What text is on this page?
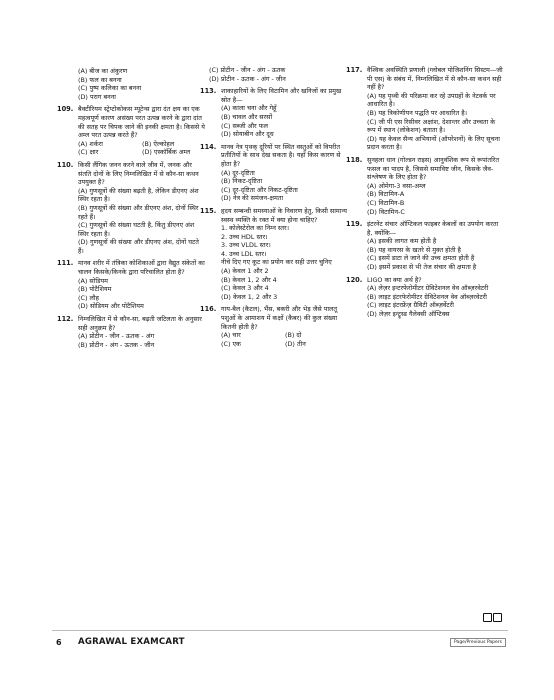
(A) बीज का अंकुरण
(B) फल का बनना
(C) पुष्प कलिका का बनना
(D) पराग बनना
109. बैक्टीरियम स्ट्रेप्टोकोकस म्यूटेन्स द्वारा दंत क्षय का एक महत्वपूर्ण कारण असंख्य परत उत्पन्न करने के द्वारा दांत की सतह पर चिपक जाने की इनकी क्षमता है। किससे ये अम्ल परत उत्पन्न करते हैं?
(A) शर्करा	(B) ऐल्कोहल
(C) क्षार	(D) एस्कॉर्बिक अम्ल
110. किसी लैंगिक जनन करने वाले जीव में, जनक और संतति दोनों के लिए निम्नलिखित में से कौन-सा कथन उपयुक्त है?
(A) गुणसूत्रों की संख्या बढ़ती है, लेकिन डीएनए अंश स्थिर रहता है।
(B) गुणसूत्रों की संख्या और डीएनए अंश, दोनों स्थिर रहते हैं।
(C) गुणसूत्रों की संख्या घटती है, किंतु डीएनए अंश स्थिर रहता है।
(D) गुणसूत्रों की संख्या और डीएनए अंश, दोनों घटते हैं।
111. मानव शरीर में तंत्रिका कोशिकाओं द्वारा वैद्युत संकेतों का चालन किसके/किनके द्वारा परिचालित होता है?
(A) सोडियम
(B) पोटैशियम
(C) लौह
(D) सोडियम और पोटैशियम
112. निम्नलिखित में से कौन-सा, बढ़ती जटिलता के अनुसार सही अनुक्रम है?
(A) प्रोटीन - जीन - ऊतक - अंग
(B) प्रोटीन - अंग - ऊतक - जीन
(C) प्रोटीन - जीन - अंग - ऊतक
(D) प्रोटीन - ऊतक - अंग - जीन
113. शाकाहारियों के लिए विटामिन और खनिजों का प्रमुख स्रोत है—
(A) काला चना और गेहूँ
(B) चावल और सरसों
(C) सब्जी और फल
(D) सोयाबीन और दूध
114. मानव नेत्र पृथक् दूरियों पर स्थित वस्तुओं को विपरीत प्रतीतियों के साथ देख सकता है। यहाँ किस कारण से होता है?
(A) दूर-दृष्टिता
(B) निकट-दृष्टिता
(C) दूर-दृष्टिता और निकट-दृष्टिता
(D) नेत्र की समंजन-क्षमता
115. हृदय सम्बन्धी समस्याओं के निवारण हेतु, किसी सामान्य स्वस्थ व्यक्ति के रक्त में क्या होना चाहिए?
1. कोलेस्टेरोल का निम्न स्तर।
2. उच्च HDL स्तर।
3. उच्च VLDL स्तर।
4. उच्च LDL स्तर।
नीचे दिए गए कूट का प्रयोग कर सही उत्तर चुनिए
(A) केवल 1 और 2
(B) केवल 1, 2 और 4
(C) केवल 3 और 4
(D) केवल 1, 2 और 3
116. गाय-बैल (कैटल), भैंस, बकरी और भेड़ जैसे पालतू पशुओं के आमाशय में कक्षों (कैबर) की कुल संख्या कितनी होती है?
(A) चार	(B) दो
(C) एक	(D) तीन
117. वैश्विक अवस्थिति प्रणाली (ग्लोबल पोजिशनिंग सिस्टम—जी पी एस) के संबंध में, निम्नलिखित में से कौन-सा कथन सही नहीं है?
(A) यह पृथ्वी की परिक्रमा कर रहे उपग्रहों के नेटवर्क पर आधारित है।
(B) यह त्रिकोणीयन पद्धति पर आधारित है।
(C) जी पी एस रिसीवर अक्षांश, देशान्तर और उच्चता के रूप में स्थान (लोकेशन) बताता है।
(D) यह केवल सैन्य अभियानों (ऑपरेशनों) के लिए सूचना प्रदान करता है।
118. सुनहला धान (गोल्डन राइस) आनुवंशिक रूप से रूपांतरित फसल का पादप है, जिससे समाविष्ट जीन, किसके जैव-संश्लेषण के लिए होता है?
(A) ओमेगा-3 वसा-अम्ल
(B) विटामिन-A
(C) विटामिन-B
(D) विटामिन-C
119. इंटरनेट संचार ऑप्टिकल फाइबर केबलों का उपयोग करता है, क्योंकि—
(A) इसकी लागत कम होती है
(B) यह वायरस के खतरे से मुक्त होती है
(C) इसमें डाटा ले जाने की उच्च क्षमता होती है
(D) इसमें प्रकाश से भी तेज संचार की क्षमता है
120. LIGO का क्या अर्थ है?
(A) लेज़र इन्टरफेरोमीटर ग्रेविटेशनल वेव ऑब्ज़रवेटरी
(B) लाइट इंटरफेरोमीटर ग्रेविटेशनल वेव ऑब्ज़रवेटरी
(C) लाइट इंटरफ्रेंज़ ग्रैविटी ऑब्ज़र्वेटरी
(D) लेज़र इन्ट्रूस्ड गैलेक्सी ऑप्टिक्स
6 AGRAWAL EXAMCART	Page/Previous Papers
